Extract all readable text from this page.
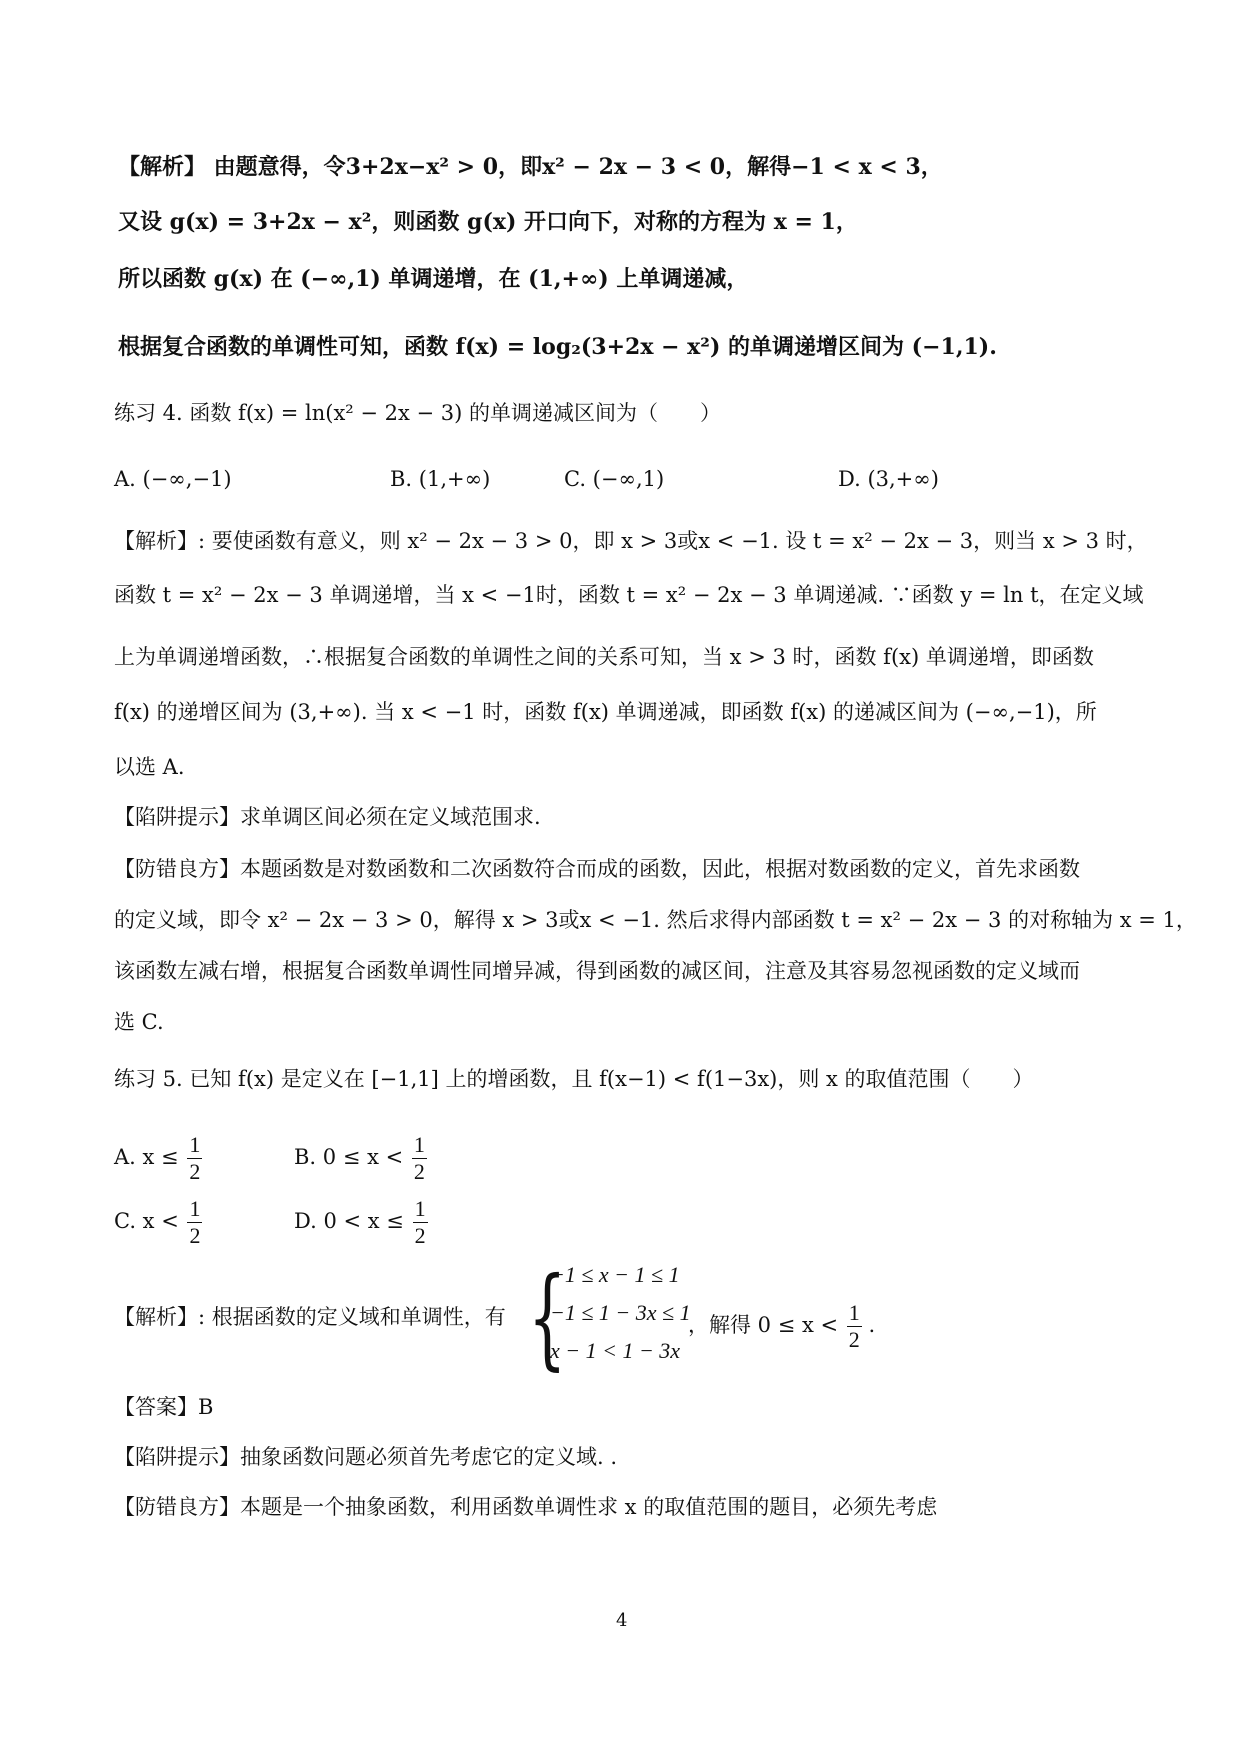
【解析】 由题意得，令3+2x−x² > 0，即x² − 2x − 3 < 0，解得−1 < x < 3，
又设 g(x) = 3+2x − x²，则函数 g(x) 开口向下，对称的方程为 x = 1，
所以函数 g(x) 在 (−∞,1) 单调递增，在 (1,+∞) 上单调递减，
根据复合函数的单调性可知，函数 f(x) = log₂(3+2x − x²) 的单调递增区间为 (−1,1).
练习 4. 函数 f(x) = ln(x² − 2x − 3) 的单调递减区间为（　　）
A. (−∞,−1)	B. (1,+∞)	C. (−∞,1)	D. (3,+∞)
【解析】: 要使函数有意义，则 x² − 2x − 3 > 0，即 x > 3或x < −1. 设 t = x² − 2x − 3，则当 x > 3 时，
函数 t = x² − 2x − 3 单调递增，当 x < −1时，函数 t = x² − 2x − 3 单调递减. ∵函数 y = ln t，在定义域
上为单调递增函数，∴根据复合函数的单调性之间的关系可知，当 x > 3 时，函数 f(x) 单调递增，即函数
f(x) 的递增区间为 (3,+∞). 当 x < −1 时，函数 f(x) 单调递减，即函数 f(x) 的递减区间为 (−∞,−1)，所
以选 A.
【陷阱提示】求单调区间必须在定义域范围求.
【防错良方】本题函数是对数函数和二次函数符合而成的函数，因此，根据对数函数的定义，首先求函数
的定义域，即令 x² − 2x − 3 > 0，解得 x > 3或x < −1. 然后求得内部函数 t = x² − 2x − 3 的对称轴为 x = 1，
该函数左减右增，根据复合函数单调性同增异减，得到函数的减区间，注意及其容易忽视函数的定义域而
选 C.
练习 5. 已知 f(x) 是定义在 [−1,1] 上的增函数，且 f(x−1) < f(1−3x)，则 x 的取值范围（　　）
A. $x \le \frac{1}{2}$	B. $0 \le x < \frac{1}{2}$
C. $x < \frac{1}{2}$	D. $0 < x \le \frac{1}{2}$
【解析】: 根据函数的定义域和单调性，有 {
−1 ≤ x − 1 ≤ 1
−1 ≤ 1 − 3x ≤ 1
x − 1 < 1 − 3x
，解得 $0 \le x < \frac{1}{2}$ .
【答案】B
【陷阱提示】抽象函数问题必须首先考虑它的定义域. .
【防错良方】本题是一个抽象函数，利用函数单调性求 x 的取值范围的题目，必须先考虑
4
